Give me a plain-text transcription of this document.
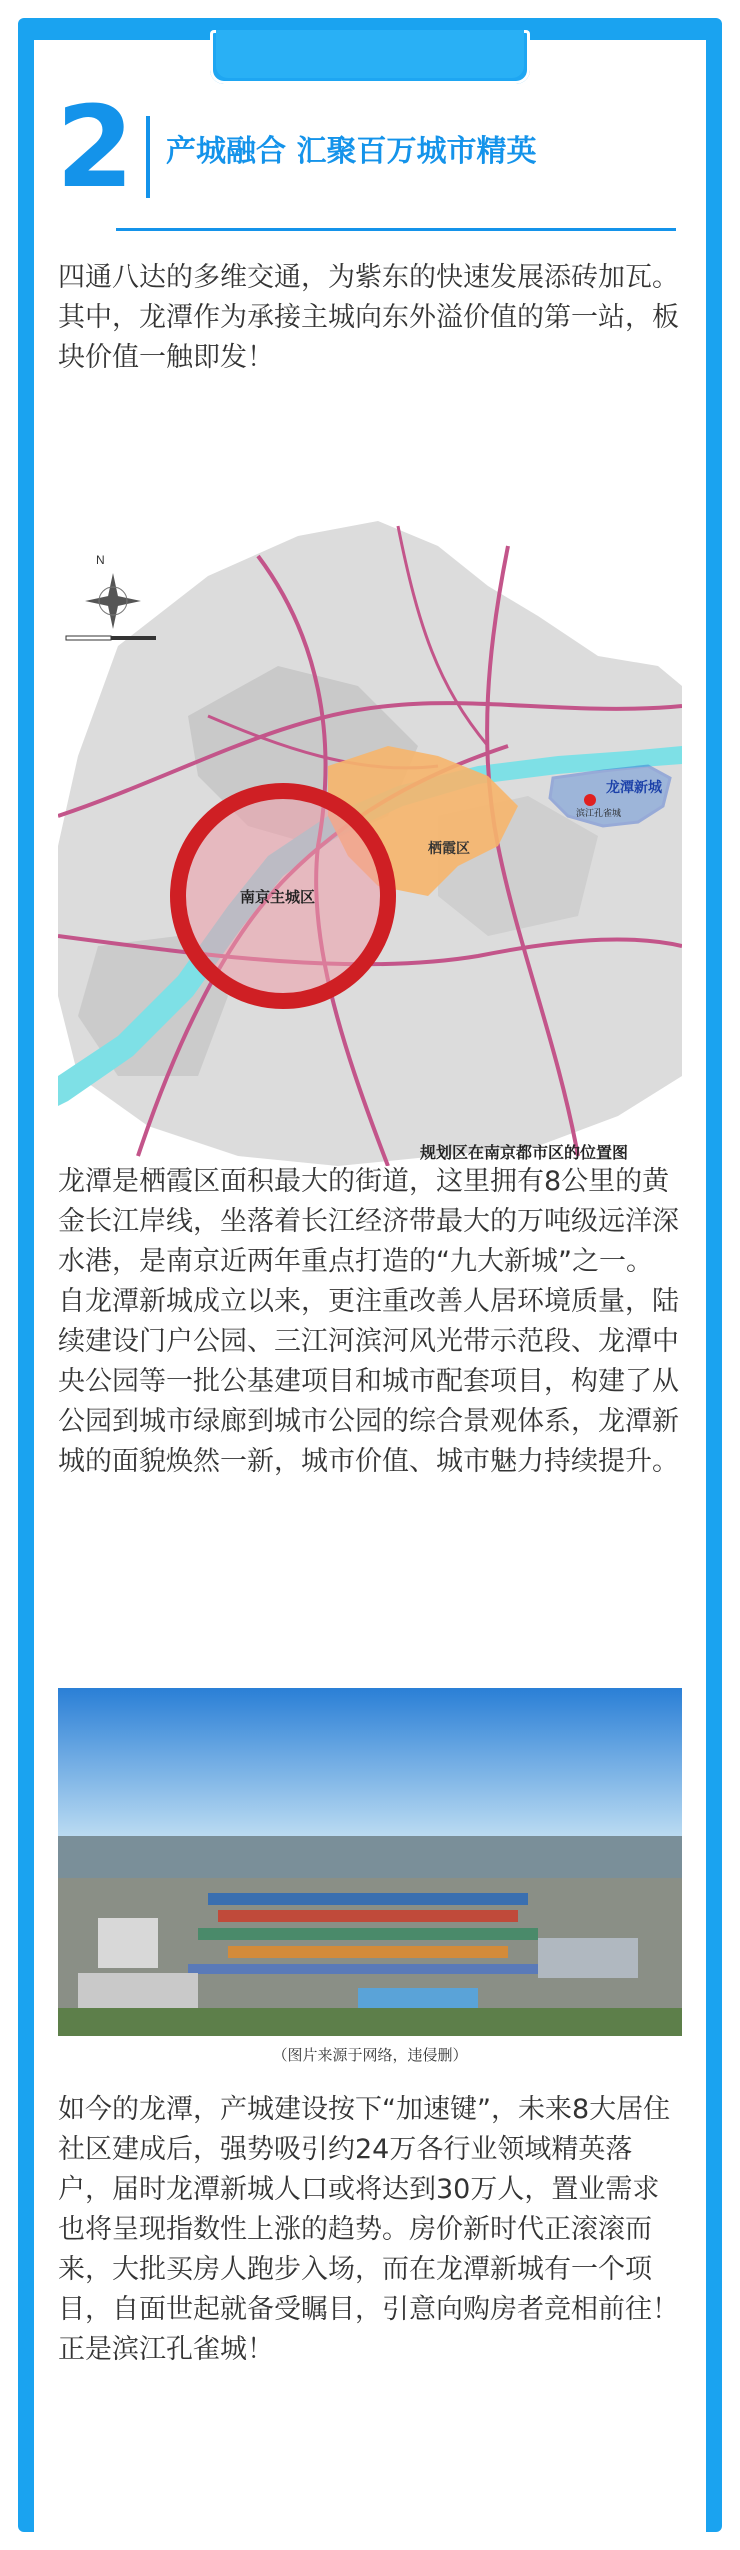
2 产城融合 汇聚百万城市精英

四通八达的多维交通，为紫东的快速发展添砖加瓦。其中，龙潭作为承接主城向东外溢价值的第一站，板块价值一触即发！

N
南京主城区
栖霞区
龙潭新城
滨江孔雀城
规划区在南京都市区的位置图

龙潭是栖霞区面积最大的街道，这里拥有8公里的黄金长江岸线，坐落着长江经济带最大的万吨级远洋深水港，是南京近两年重点打造的“九大新城”之一。

自龙潭新城成立以来，更注重改善人居环境质量，陆续建设门户公园、三江河滨河风光带示范段、龙潭中央公园等一批公基建项目和城市配套项目，构建了从公园到城市绿廊到城市公园的综合景观体系，龙潭新城的面貌焕然一新，城市价值、城市魅力持续提升。

（图片来源于网络，违侵删）

如今的龙潭，产城建设按下“加速键”，未来8大居住社区建成后，强势吸引约24万各行业领域精英落户，届时龙潭新城人口或将达到30万人，置业需求也将呈现指数性上涨的趋势。房价新时代正滚滚而来，大批买房人跑步入场，而在龙潭新城有一个项目，自面世起就备受瞩目，引意向购房者竞相前往！正是滨江孔雀城！
